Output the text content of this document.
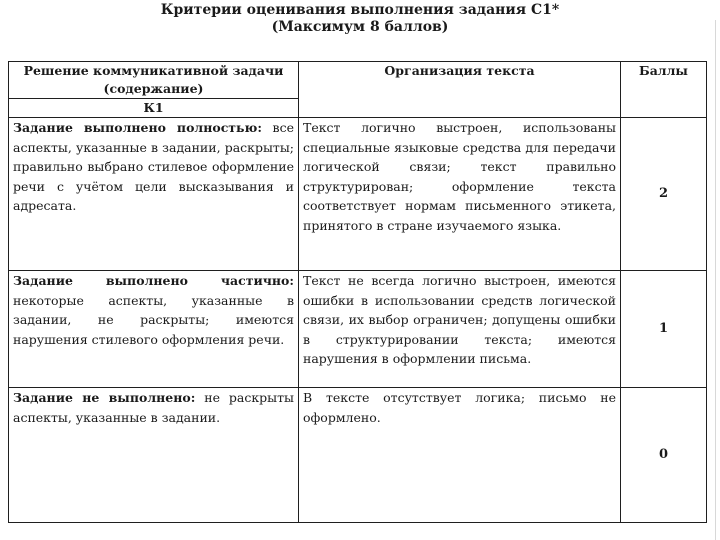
Критерии оценивания выполнения задания С1*
(Максимум 8 баллов)
Решение коммуникативной задачи (содержание)	Организация текста	Баллы
К1		
Задание выполнено полностью: все аспекты, указанные в задании, раскрыты; правильно выбрано стилевое оформление речи с учётом цели высказывания и адресата.	Текст логично выстроен, использованы специальные языковые средства для передачи логической связи; текст правильно структурирован; оформление текста соответствует нормам письменного этикета, принятого в стране изучаемого языка.	2
Задание выполнено частично: некоторые аспекты, указанные в задании, не раскрыты; имеются нарушения стилевого оформления речи.	Текст не всегда логично выстроен, имеются ошибки в использовании средств логической связи, их выбор ограничен; допущены ошибки в структурировании текста; имеются нарушения в оформлении письма.	1
Задание не выполнено: не раскрыты аспекты, указанные в задании.	В тексте отсутствует логика; письмо не оформлено.	0
